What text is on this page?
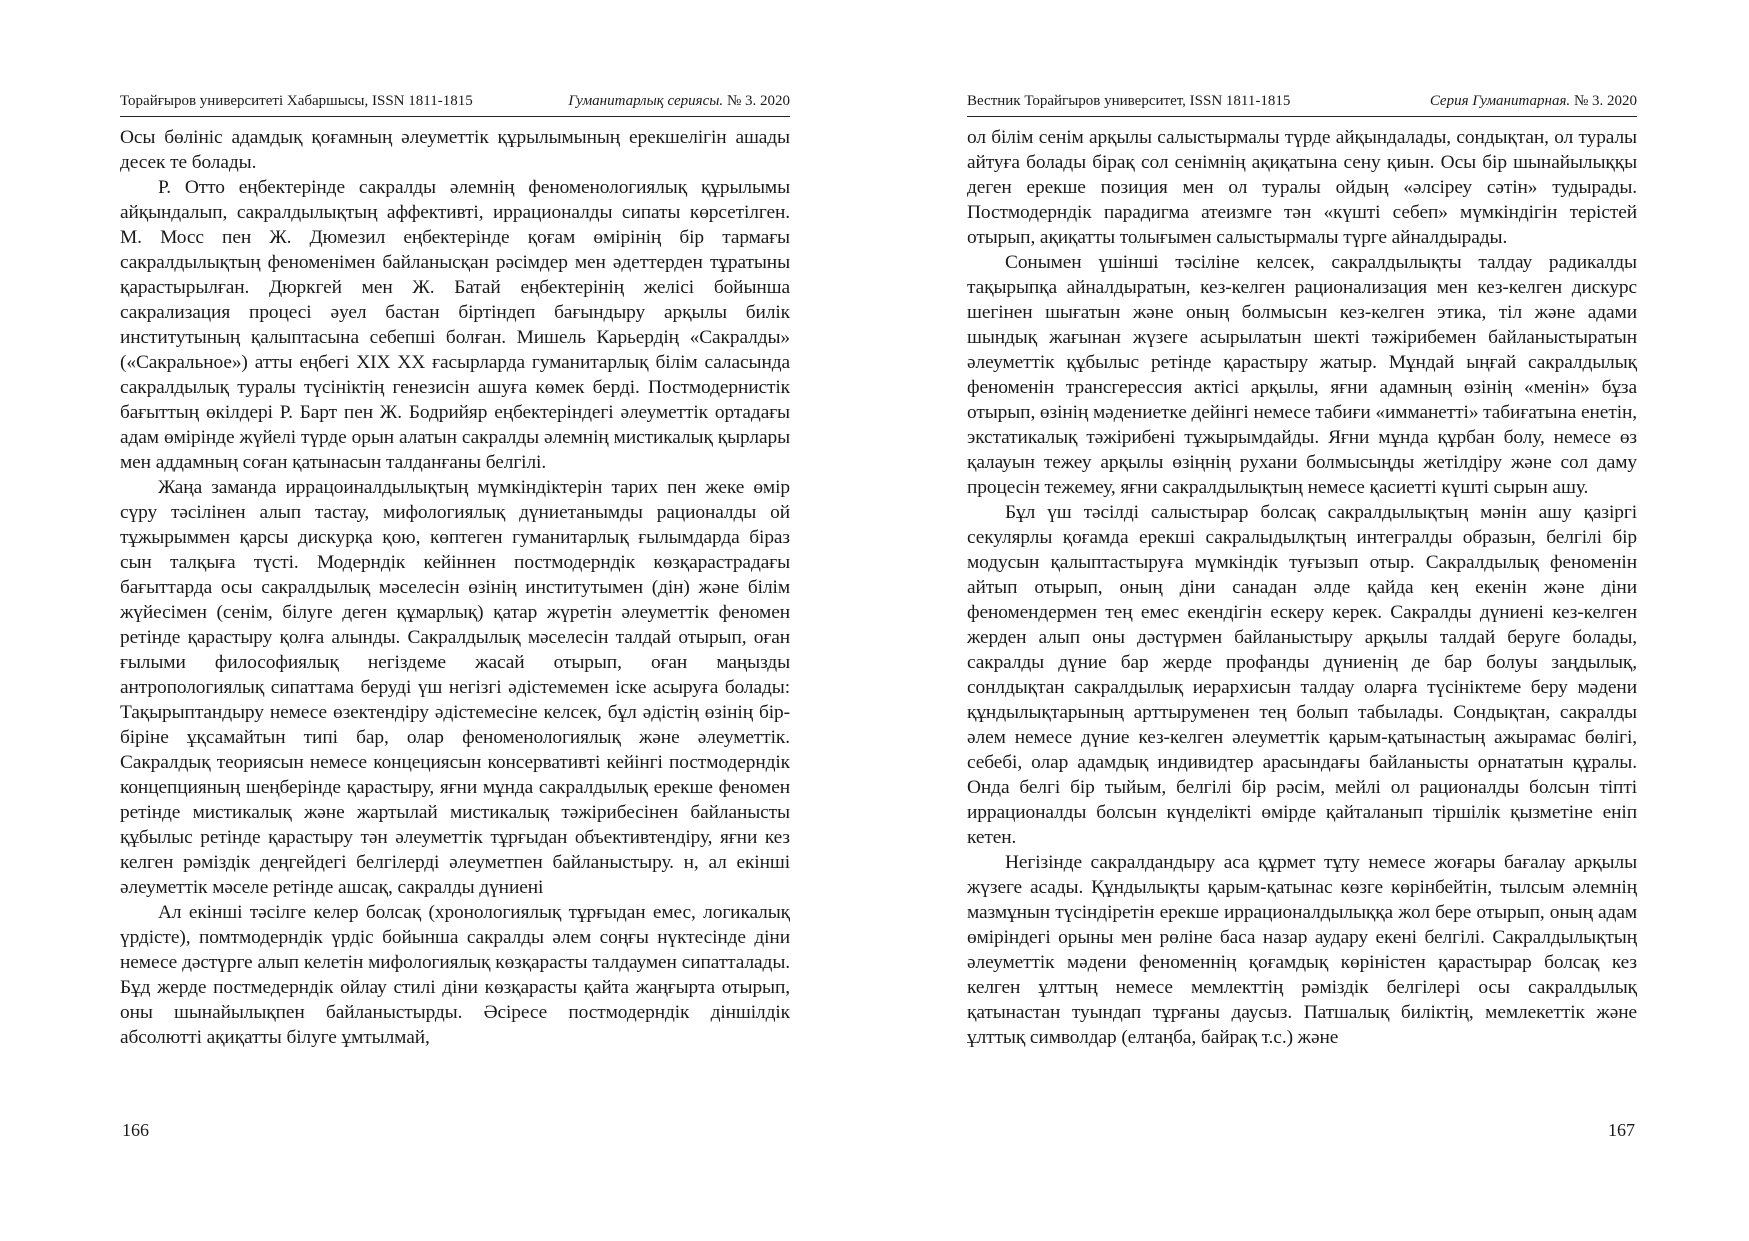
Торайғыров университеті Хабаршысы, ISSN 1811-1815	Гуманитарлық сериясы. № 3. 2020

Осы бөлініс адамдық қоғамның әлеуметтік құрылымының ерекшелігін ашады десек те болады.

Р. Отто еңбектерінде сакралды әлемнің феноменологиялық құрылымы айқындалып, сакралдылықтың аффективті, иррационалды сипаты көрсетілген. М. Мосс пен Ж. Дюмезил еңбектерінде қоғам өмірінің бір тармағы сакралдылықтың феноменімен байланысқан рәсімдер мен әдеттерден тұратыны қарастырылған. Дюркгей мен Ж. Батай еңбектерінің желісі бойынша сакрализация процесі әуел бастан біртіндеп бағындыру арқылы билік институтының қалыптасына себепші болған. Мишель Карьердің «Сакралды» («Сакральное») атты еңбегі XIX XX ғасырларда гуманитарлық білім саласында сакралдылық туралы түсініктің генезисін ашуға көмек берді. Постмодернистік бағыттың өкілдері Р. Барт пен Ж. Бодрийяр еңбектеріндегі әлеуметтік ортадағы адам өмірінде жүйелі түрде орын алатын сакралды әлемнің мистикалық қырлары мен аддамның соған қатынасын талданғаны белгілі.

Жаңа заманда иррацоиналдылықтың мүмкіндіктерін тарих пен жеке өмір сүру тәсілінен алып тастау, мифологиялық дүниетанымды рационалды ой тұжырыммен қарсы дискурқа қою, көптеген гуманитарлық ғылымдарда біраз сын талқыға түсті. Модерндік кейіннен постмодерндік көзқарастрадағы бағыттарда осы сакралдылық мәселесін өзінің институтымен (дін) және білім жүйесімен (сенім, білуге деген құмарлық) қатар жүретін әлеуметтік феномен ретінде қарастыру қолға алынды. Сакралдылық мәселесін талдай отырып, оған ғылыми философиялық негіздеме жасай отырып, оған маңызды антропологиялық сипаттама беруді үш негізгі әдістемемен іске асыруға болады: Тақырыптандыру немесе өзектендіру әдістемесіне келсек, бұл әдістің өзінің бір-біріне ұқсамайтын типі бар, олар феноменологиялық және әлеуметтік. Сакралдық теориясын немесе концециясын консервативті кейінгі постмодерндік концепцияның шеңберінде қарастыру, яғни мұнда сакралдылық ерекше феномен ретінде мистикалық және жартылай мистикалық тәжірибесінен байланысты құбылыс ретінде қарастыру тән әлеуметтік тұрғыдан объективтендіру, яғни кез келген рәміздік деңгейдегі белгілерді әлеуметпен байланыстыру. н, ал екінші әлеуметтік мәселе ретінде ашсақ, сакралды дүниені

Ал екінші тәсілге келер болсақ (хронологиялық тұрғыдан емес, логикалық үрдісте), помтмодерндік үрдіс бойынша сакралды әлем соңғы нүктесінде діни немесе дәстүрге алып келетін мифологиялық көзқарасты талдаумен сипатталады. Бұд жерде постмедерндік ойлау стилі діни көзқарасты қайта жаңғырта отырып, оны шынайылықпен байланыстырды. Әсіресе постмодерндік діншілдік абсолютті ақиқатты білуге ұмтылмай,

166
Вестник Торайгыров университет, ISSN 1811-1815	Серия Гуманитарная. № 3. 2020

ол білім сенім арқылы салыстырмалы түрде айқындалады, сондықтан, ол туралы айтуға болады бірақ сол сенімнің ақиқатына сену қиын. Осы бір шынайылыққы деген ерекше позиция мен ол туралы ойдың «әлсіреу сәтін» тудырады. Постмодерндік парадигма атеизмге тән «күшті себеп» мүмкіндігін терістей отырып, ақиқатты толығымен салыстырмалы түрге айналдырады.

Сонымен үшінші тәсіліне келсек, сакралдылықты талдау радикалды тақырыпқа айналдыратын, кез-келген рационализация мен кез-келген дискурс шегінен шығатын және оның болмысын кез-келген этика, тіл және адами шындық жағынан жүзеге асырылатын шекті тәжірибемен байланыстыратын әлеуметтік құбылыс ретінде қарастыру жатыр. Мұндай ыңғай сакралдылық феноменін трансгерессия актісі арқылы, яғни адамның өзінің «менін» бұза отырып, өзінің мәдениетке дейінгі немесе табиғи «имманетті» табиғатына енетін, экстатикалық тәжірибені тұжырымдайды. Яғни мұнда құрбан болу, немесе өз қалауын тежеу арқылы өзіңнің рухани болмысыңды жетілдіру және сол даму процесін тежемеу, яғни сакралдылықтың немесе қасиетті күшті сырын ашу.

Бұл үш тәсілді салыстырар болсақ сакралдылықтың мәнін ашу қазіргі секулярлы қоғамда ерекші сакралыдылқтың интегралды образын, белгілі бір модусын қалыптастыруға мүмкіндік туғызып отыр. Сакралдылық феноменін айтып отырып, оның діни санадан әлде қайда кең екенін және діни феномендермен тең емес екендігін ескеру керек. Сакралды дүниені кез-келген жерден алып оны дәстүрмен байланыстыру арқылы талдай беруге болады, сакралды дүние бар жерде профанды дүниенің де бар болуы заңдылық, сонлдықтан сакралдылық иерархисын талдау оларға түсініктеме беру мәдени құндылықтарының арттыруменен тең болып табылады. Сондықтан, сакралды әлем немесе дүние кез-келген әлеуметтік қарым-қатынастың ажырамас бөлігі, себебі, олар адамдық индивидтер арасындағы байланысты орнататын құралы. Онда белгі бір тыйым, белгілі бір рәсім, мейлі ол рационалды болсын тіпті иррационалды болсын күнделікті өмірде қайталанып тіршілік қызметіне еніп кетен.

Негізінде сакралдандыру аса құрмет тұту немесе жоғары бағалау арқылы жүзеге асады. Құндылықты қарым-қатынас көзге көрінбейтін, тылсым әлемнің мазмұнын түсіндіретін ерекше иррационалдылыққа жол бере отырып, оның адам өміріндегі орыны мен рөліне баса назар аудару екені белгілі. Сакралдылықтың әлеуметтік мәдени феноменнің қоғамдық көріністен қарастырар болсақ кез келген ұлттың немесе мемлекттің рәміздік белгілері осы сакралдылық қатынастан туындап тұрғаны даусыз. Патшалық биліктің, мемлекеттік және ұлттық символдар (елтаңба, байрақ т.с.) және

167
